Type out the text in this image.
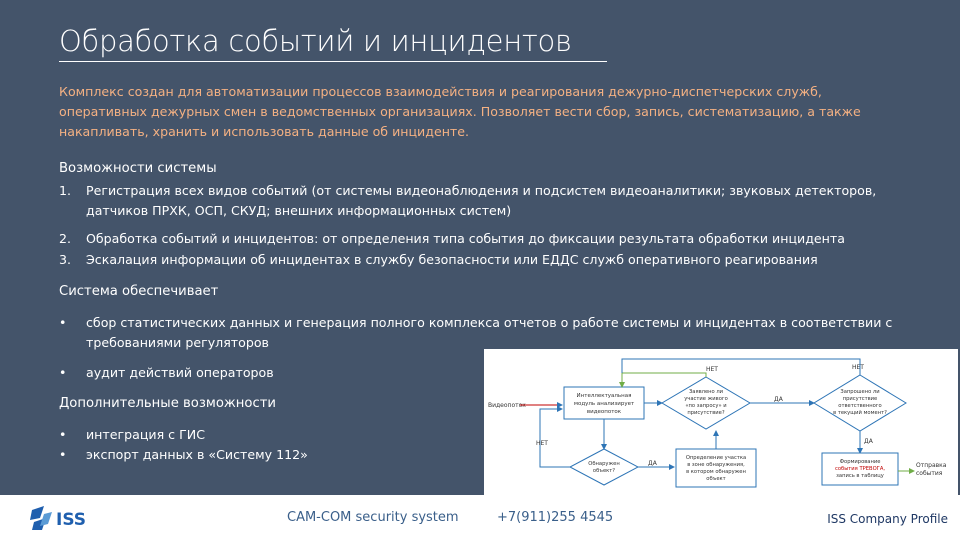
Обработка событий и инцидентов
Комплекс создан для автоматизации процессов взаимодействия и реагирования дежурно-диспетчерских служб,
оперативных дежурных смен в ведомственных организациях. Позволяет вести сбор, запись, систематизацию, а также
накапливать, хранить и использовать данные об инциденте.
Возможности системы
1.	Регистрация всех видов событий (от системы видеонаблюдения и подсистем видеоаналитики; звуковых детекторов,
датчиков ПРХК, ОСП, СКУД; внешних информационных систем)
2.	Обработка событий и инцидентов: от определения типа события до фиксации результата обработки инцидента
3.	Эскалация информации об инцидентах в службу безопасности или ЕДДС служб оперативного реагирования
Система обеспечивает
•	сбор статистических данных и генерация полного комплекса отчетов о работе системы и инцидентах в соответствии с
требованиями регуляторов
•	аудит действий операторов
Дополнительные возможности
•	интеграция с ГИС
•	экспорт данных в «Систему 112»
Видеопоток
Интеллектуальная
модуль анализирует
видеопоток
Заявлено ли
участие живого
«по запросу» и
присутствие?
НЕТ
ДА
Запрошено ли
присутствие
ответственного
в текущий момент?
НЕТ
ДА
Обнаружен
объект?
НЕТ
ДА
Определение участка
в зоне обнаружения,
в котором обнаружен
объект
Формирование
события ТРЕВОГА,
запись в таблицу
Отправка
события
ISS	CAM-COM security system	+7(911)255 4545	ISS Company Profile
